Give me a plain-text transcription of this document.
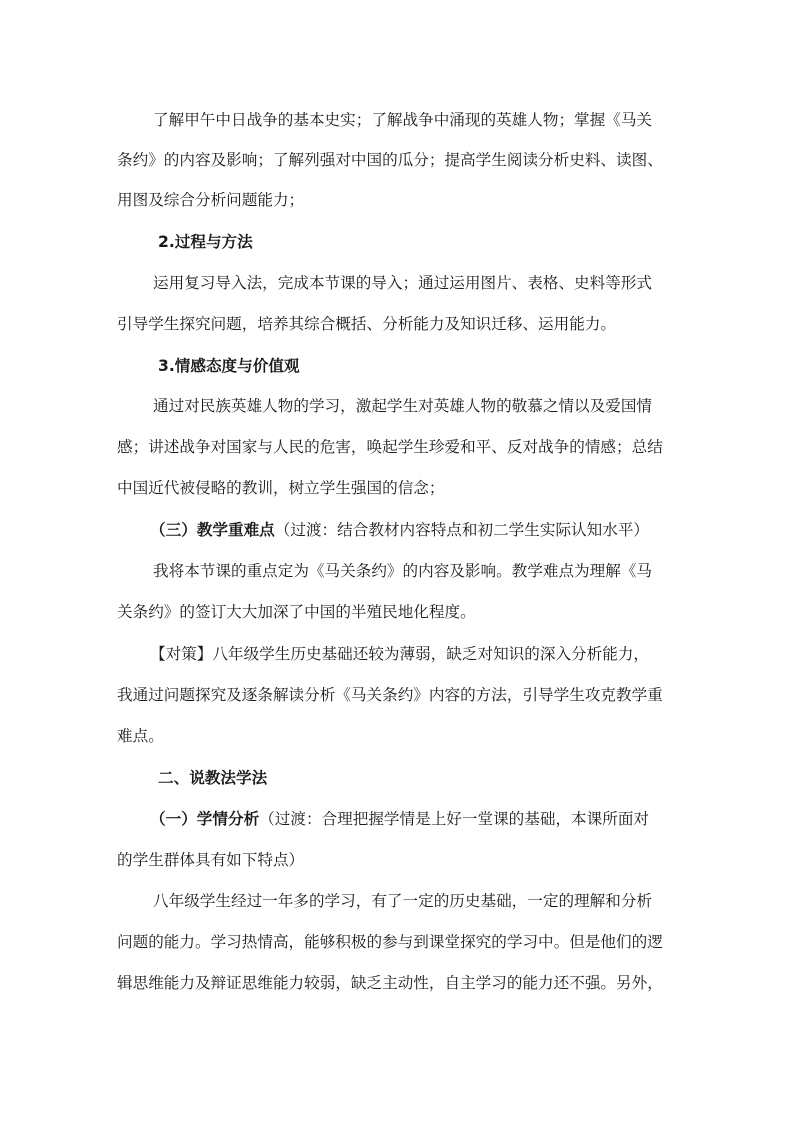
了解甲午中日战争的基本史实；了解战争中涌现的英雄人物；掌握《马关
条约》的内容及影响；了解列强对中国的瓜分；提高学生阅读分析史料、读图、
用图及综合分析问题能力；
2.过程与方法
运用复习导入法，完成本节课的导入；通过运用图片、表格、史料等形式
引导学生探究问题，培养其综合概括、分析能力及知识迁移、运用能力。
3.情感态度与价值观
通过对民族英雄人物的学习，激起学生对英雄人物的敬慕之情以及爱国情
感；讲述战争对国家与人民的危害，唤起学生珍爱和平、反对战争的情感；总结
中国近代被侵略的教训，树立学生强国的信念；
（三）教学重难点（过渡：结合教材内容特点和初二学生实际认知水平）
我将本节课的重点定为《马关条约》的内容及影响。教学难点为理解《马
关条约》的签订大大加深了中国的半殖民地化程度。
【对策】八年级学生历史基础还较为薄弱，缺乏对知识的深入分析能力，
我通过问题探究及逐条解读分析《马关条约》内容的方法，引导学生攻克教学重
难点。
二、说教法学法
（一）学情分析（过渡：合理把握学情是上好一堂课的基础，本课所面对
的学生群体具有如下特点）
八年级学生经过一年多的学习，有了一定的历史基础，一定的理解和分析
问题的能力。学习热情高，能够积极的参与到课堂探究的学习中。但是他们的逻
辑思维能力及辩证思维能力较弱，缺乏主动性，自主学习的能力还不强。另外，
